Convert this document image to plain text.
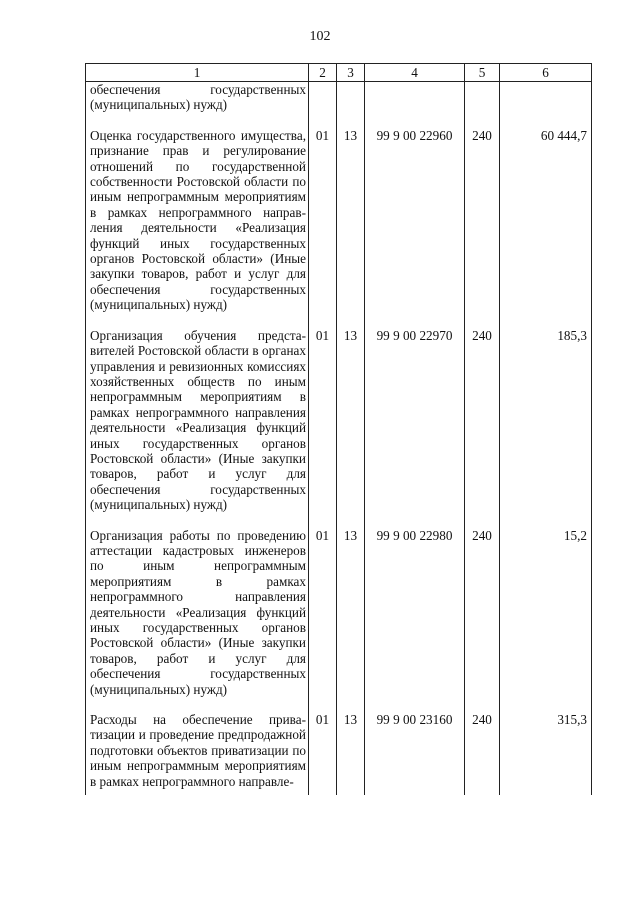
102
1	2	3	4	5	6
обеспечения государственных (муниципальных) нужд)					
Оценка государственного имущества, признание прав и регулирование отношений по государственной собственности Ростовской области по иным непрограммным мероприятиям в рамках непрограммного направления деятельности «Реализация функций иных государственных органов Ростовской области» (Иные закупки товаров, работ и услуг для обеспечения государственных (муниципальных) нужд)	01	13	99 9 00 22960	240	60 444,7
Организация обучения представителей Ростовской области в органах управления и ревизионных комиссиях хозяйственных обществ по иным непрограммным мероприятиям в рамках непрограммного направления деятельности «Реализация функций иных государственных органов Ростовской области» (Иные закупки товаров, работ и услуг для обеспечения государственных (муниципальных) нужд)	01	13	99 9 00 22970	240	185,3
Организация работы по проведению аттестации кадастровых инженеров по иным непрограммным мероприятиям в рамках непрограммного направления деятельности «Реализация функций иных государственных органов Ростовской области» (Иные закупки товаров, работ и услуг для обеспечения государственных (муниципальных) нужд)	01	13	99 9 00 22980	240	15,2
Расходы на обеспечение приватизации и проведение предпродажной подготовки объектов приватизации по иным непрограммным мероприятиям в рамках непрограммного направле-	01	13	99 9 00 23160	240	315,3
